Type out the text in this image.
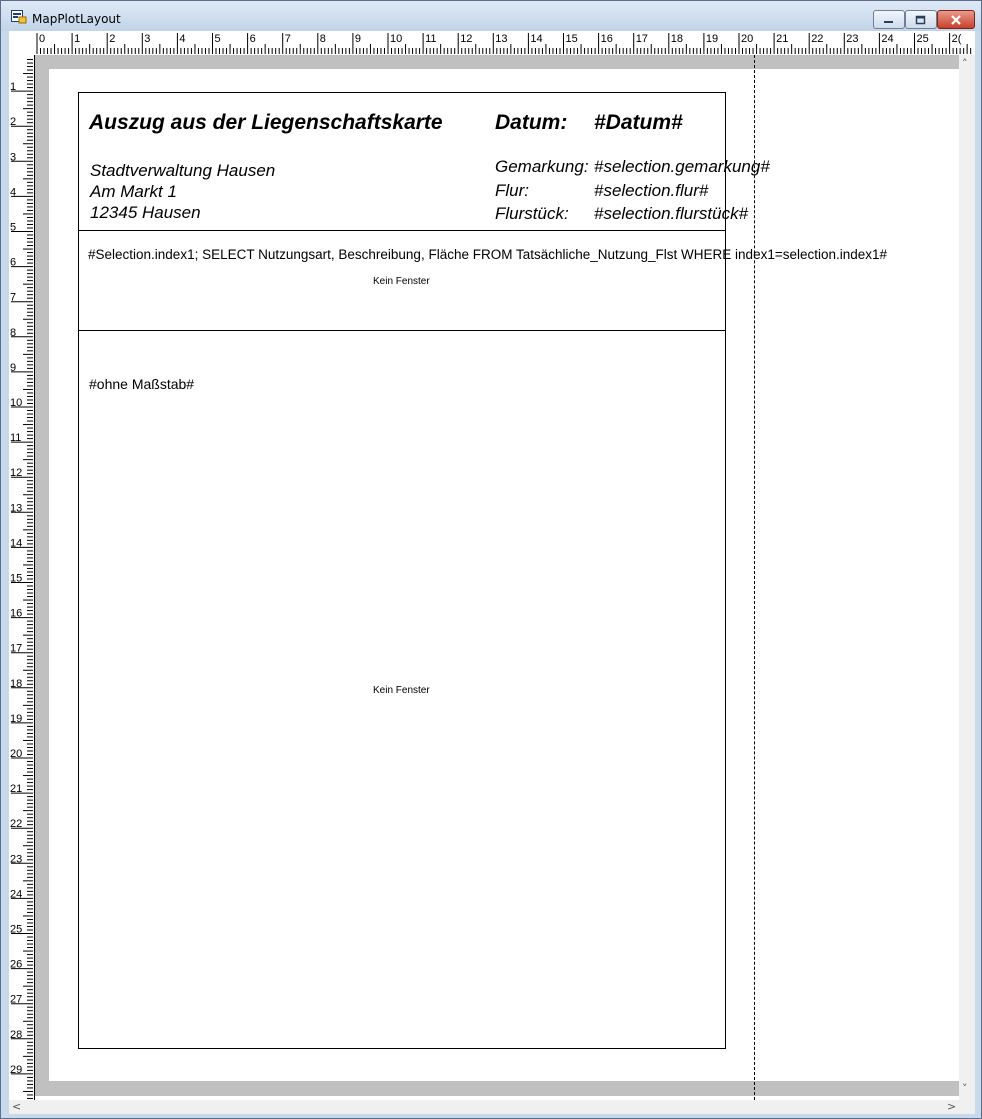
MapPlotLayout
0	1	2	3	4	5	6	7	8	9	10 11 12 13 14 15 16 17 18 19 20 21 22 23 24 25 2(
1
2
3
4
5
6
7
8
9
10
11
12
13
14
15
16
17
18
19
20
21
22
23
24
25
26
27
28
29
Auszug aus der Liegenschaftskarte Datum: #Datum#
Stadtverwaltung Hausen
Am Markt 1
12345 Hausen
Gemarkung: #selection.gemarkung#
Flur:	#selection.flur#
Flurstück: #selection.flurstück#
#Selection.index1; SELECT Nutzungsart, Beschreibung, Fläche FROM Tatsächliche_Nutzung_Flst WHERE index1=selection.index1#
Kein Fenster
#ohne Maßstab#
Kein Fenster
˄
˅
<	>
